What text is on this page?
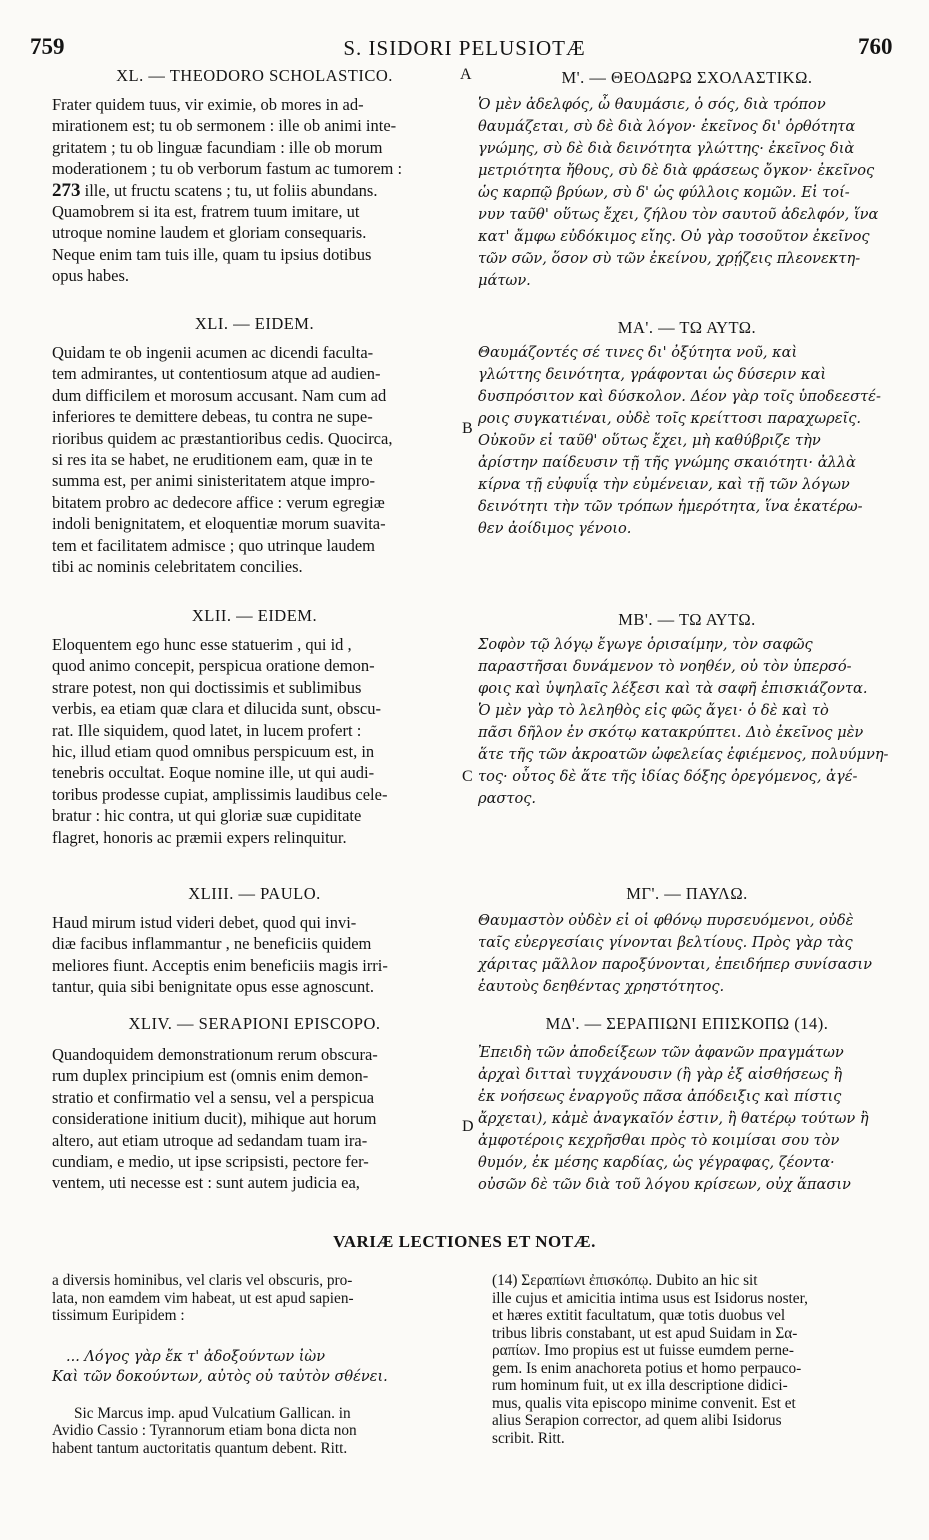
759	S. ISIDORI PELUSIOTÆ	760
A
B
C
D
XL. — THEODORO SCHOLASTICO.
Frater quidem tuus, vir eximie, ob mores in ad-
mirationem est; tu ob sermonem : ille ob animi inte-
gritatem ; tu ob linguæ facundiam : ille ob morum
moderationem ; tu ob verborum fastum ac tumorem :
273 ille, ut fructu scatens ; tu, ut foliis abundans.
Quamobrem si ita est, fratrem tuum imitare, ut
utroque nomine laudem et gloriam consequaris.
Neque enim tam tuis ille, quam tu ipsius dotibus
opus habes.
XLI. — EIDEM.
Quidam te ob ingenii acumen ac dicendi faculta-
tem admirantes, ut contentiosum atque ad audien-
dum difficilem et morosum accusant. Nam cum ad
inferiores te demittere debeas, tu contra ne supe-
rioribus quidem ac præstantioribus cedis. Quocirca,
si res ita se habet, ne eruditionem eam, quæ in te
summa est, per animi sinisteritatem atque impro-
bitatem probro ac dedecore affice : verum egregiæ
indoli benignitatem, et eloquentiæ morum suavita-
tem et facilitatem admisce ; quo utrinque laudem
tibi ac nominis celebritatem concilies.
XLII. — EIDEM.
Eloquentem ego hunc esse statuerim , qui id ,
quod animo concepit, perspicua oratione demon-
strare potest, non qui doctissimis et sublimibus
verbis, ea etiam quæ clara et dilucida sunt, obscu-
rat. Ille siquidem, quod latet, in lucem profert :
hic, illud etiam quod omnibus perspicuum est, in
tenebris occultat. Eoque nomine ille, ut qui audi-
toribus prodesse cupiat, amplissimis laudibus cele-
bratur : hic contra, ut qui gloriæ suæ cupiditate
flagret, honoris ac præmii expers relinquitur.
XLIII. — PAULO.
Haud mirum istud videri debet, quod qui invi-
diæ facibus inflammantur , ne beneficiis quidem
meliores fiunt. Acceptis enim beneficiis magis irri-
tantur, quia sibi benignitate opus esse agnoscunt.
XLIV. — SERAPIONI EPISCOPO.
Quandoquidem demonstrationum rerum obscura-
rum duplex principium est (omnis enim demon-
stratio et confirmatio vel a sensu, vel a perspicua
consideratione initium ducit), mihique aut horum
altero, aut etiam utroque ad sedandam tuam ira-
cundiam, e medio, ut ipse scripsisti, pectore fer-
ventem, uti necesse est : sunt autem judicia ea,
Μ'. — ΘΕΟΔΩΡΩ ΣΧΟΛΑΣΤΙΚΩ.
Ὁ μὲν ἀδελφός, ὦ θαυμάσιε, ὁ σός, διὰ τρόπον
θαυμάζεται, σὺ δὲ διὰ λόγον· ἐκεῖνος δι' ὀρθότητα
γνώμης, σὺ δὲ διὰ δεινότητα γλώττης· ἐκεῖνος διὰ
μετριότητα ἤθους, σὺ δὲ διὰ φράσεως ὄγκον· ἐκεῖνος
ὡς καρπῷ βρύων, σὺ δ' ὡς φύλλοις κομῶν. Εἰ τοί-
νυν ταῦθ' οὕτως ἔχει, ζήλου τὸν σαυτοῦ ἀδελφόν, ἵνα
κατ' ἄμφω εὐδόκιμος εἴης. Οὐ γὰρ τοσοῦτον ἐκεῖνος
τῶν σῶν, ὅσον σὺ τῶν ἐκείνου, χρῄζεις πλεονεκτη-
μάτων.
ΜΑ'. — ΤΩ ΑΥΤΩ.
Θαυμάζοντές σέ τινες δι' ὀξύτητα νοῦ, καὶ
γλώττης δεινότητα, γράφονται ὡς δύσεριν καὶ
δυσπρόσιτον καὶ δύσκολον. Δέον γὰρ τοῖς ὑποδεεστέ-
ροις συγκατιέναι, οὐδὲ τοῖς κρείττοσι παραχωρεῖς.
Οὐκοῦν εἰ ταῦθ' οὕτως ἔχει, μὴ καθύβριζε τὴν
ἀρίστην παίδευσιν τῇ τῆς γνώμης σκαιότητι· ἀλλὰ
κίρνα τῇ εὐφυΐᾳ τὴν εὐμένειαν, καὶ τῇ τῶν λόγων
δεινότητι τὴν τῶν τρόπων ἡμερότητα, ἵνα ἑκατέρω-
θεν ἀοίδιμος γένοιο.
ΜΒ'. — ΤΩ ΑΥΤΩ.
Σοφὸν τῷ λόγῳ ἔγωγε ὁρισαίμην, τὸν σαφῶς
παραστῆσαι δυνάμενον τὸ νοηθέν, οὐ τὸν ὑπερσό-
φοις καὶ ὑψηλαῖς λέξεσι καὶ τὰ σαφῆ ἐπισκιάζοντα.
Ὁ μὲν γὰρ τὸ λεληθὸς εἰς φῶς ἄγει· ὁ δὲ καὶ τὸ
πᾶσι δῆλον ἐν σκότῳ κατακρύπτει. Διὸ ἐκεῖνος μὲν
ἅτε τῆς τῶν ἀκροατῶν ὠφελείας ἐφιέμενος, πολυύμνη-
τος· οὗτος δὲ ἅτε τῆς ἰδίας δόξης ὀρεγόμενος, ἀγέ-
ραστος.
ΜΓ'. — ΠΑΥΛΩ.
Θαυμαστὸν οὐδὲν εἰ οἱ φθόνῳ πυρσευόμενοι, οὐδὲ
ταῖς εὐεργεσίαις γίνονται βελτίους. Πρὸς γὰρ τὰς
χάριτας μᾶλλον παροξύνονται, ἐπειδήπερ συνίσασιν
ἑαυτοὺς δεηθέντας χρηστότητος.
ΜΔ'. — ΣΕΡΑΠΙΩΝΙ ΕΠΙΣΚΟΠΩ (14).
Ἐπειδὴ τῶν ἀποδείξεων τῶν ἀφανῶν πραγμάτων
ἀρχαὶ διτταὶ τυγχάνουσιν (ἢ γὰρ ἐξ αἰσθήσεως ἢ
ἐκ νοήσεως ἐναργοῦς πᾶσα ἀπόδειξις καὶ πίστις
ἄρχεται), κἀμὲ ἀναγκαῖόν ἐστιν, ἢ θατέρῳ τούτων ἢ
ἀμφοτέροις κεχρῆσθαι πρὸς τὸ κοιμίσαι σου τὸν
θυμόν, ἐκ μέσης καρδίας, ὡς γέγραφας, ζέοντα·
οὐσῶν δὲ τῶν διὰ τοῦ λόγου κρίσεων, οὐχ ἅπασιν
VARIÆ LECTIONES ET NOTÆ.
a diversis hominibus, vel claris vel obscuris, pro-
lata, non eamdem vim habeat, ut est apud sapien-
tissimum Euripidem :
... Λόγος γὰρ ἔκ τ' ἀδοξούντων ἰὼν
Καὶ τῶν δοκούντων, αὐτὸς οὐ ταὐτὸν σθένει.
Sic Marcus imp. apud Vulcatium Gallican. in
Avidio Cassio : Tyrannorum etiam bona dicta non
habent tantum auctoritatis quantum debent. Ritt.
(14) Σεραπίωνι ἐπισκόπῳ. Dubito an hic sit
ille cujus et amicitia intima usus est Isidorus noster,
et hæres extitit facultatum, quæ totis duobus vel
tribus libris constabant, ut est apud Suidam in Σα-
ραπίων. Imo propius est ut fuisse eumdem perne-
gem. Is enim anachoreta potius et homo perpauco-
rum hominum fuit, ut ex illa descriptione didici-
mus, qualis vita episcopo minime convenit. Est et
alius Serapion corrector, ad quem alibi Isidorus
scribit. Ritt.
